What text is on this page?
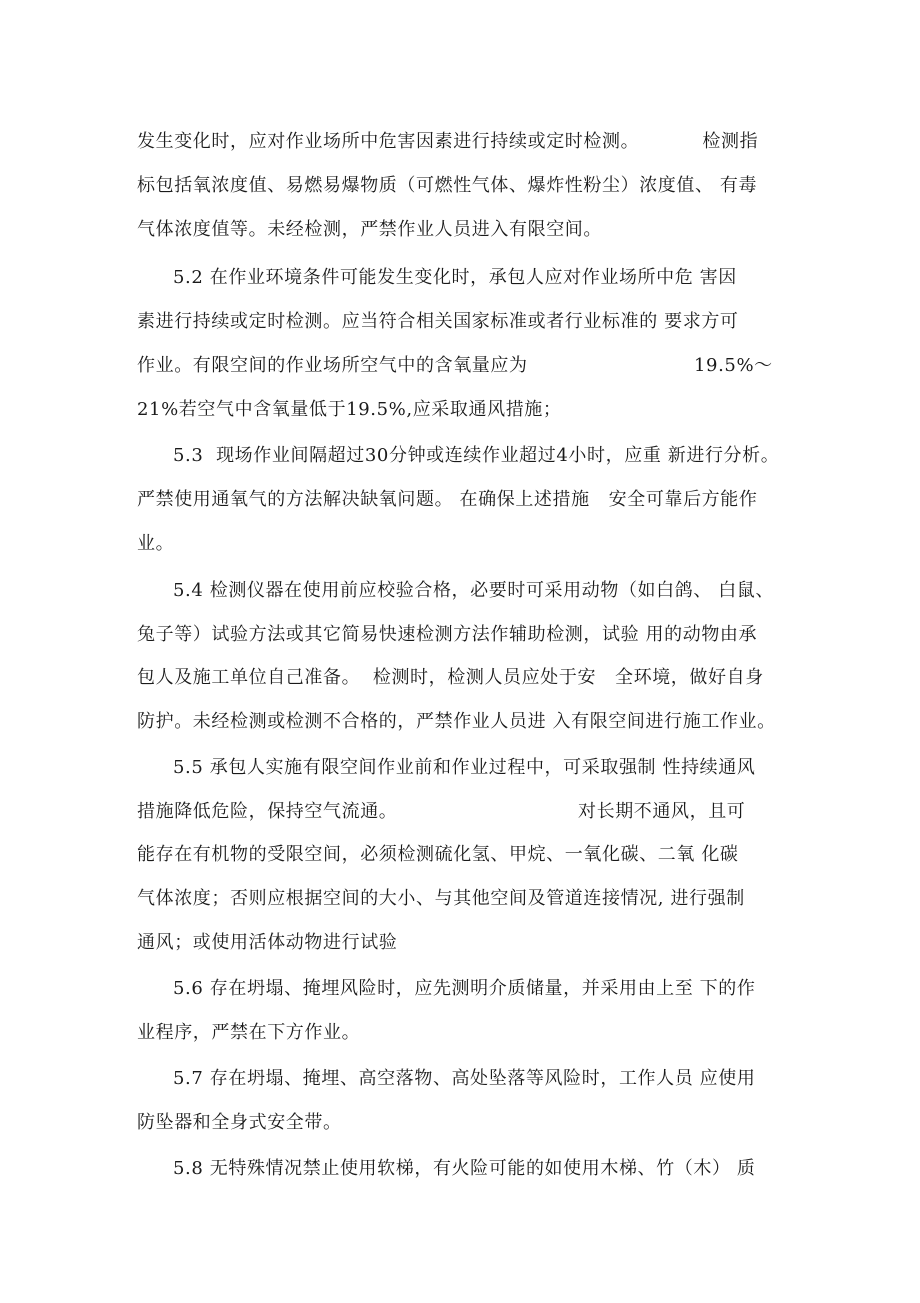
发生变化时，应对作业场所中危害因素进行持续或定时检测。          检测指
标包括氧浓度值、易燃易爆物质（可燃性气体、爆炸性粉尘）浓度值、 有毒
气体浓度值等。未经检测，严禁作业人员进入有限空间。
5.2 在作业环境条件可能发生变化时，承包人应对作业场所中危 害因
素进行持续或定时检测。应当符合相关国家标准或者行业标准的 要求方可
作业。有限空间的作业场所空气中的含氧量应为	19.5%～
21%若空气中含氧量低于19.5%,应采取通风措施；
5.3  现场作业间隔超过30分钟或连续作业超过4小时，应重 新进行分析。
严禁使用通氧气的方法解决缺氧问题。 在确保上述措施   安全可靠后方能作
业。
5.4 检测仪器在使用前应校验合格，必要时可采用动物（如白鸽、 白鼠、
兔子等）试验方法或其它简易快速检测方法作辅助检测，试验 用的动物由承
包人及施工单位自己准备。  检测时，检测人员应处于安   全环境，做好自身
防护。未经检测或检测不合格的，严禁作业人员进 入有限空间进行施工作业。
5.5 承包人实施有限空间作业前和作业过程中，可采取强制 性持续通风
措施降低危险，保持空气流通。	对长期不通风，且可
能存在有机物的受限空间，必须检测硫化氢、甲烷、一氧化碳、二氧 化碳
气体浓度；否则应根据空间的大小、与其他空间及管道连接情况, 进行强制
通风；或使用活体动物进行试验
5.6 存在坍塌、掩埋风险时，应先测明介质储量，并采用由上至 下的作
业程序，严禁在下方作业。
5.7 存在坍塌、掩埋、高空落物、高处坠落等风险时，工作人员 应使用
防坠器和全身式安全带。
5.8 无特殊情况禁止使用软梯，有火险可能的如使用木梯、竹（木） 质
